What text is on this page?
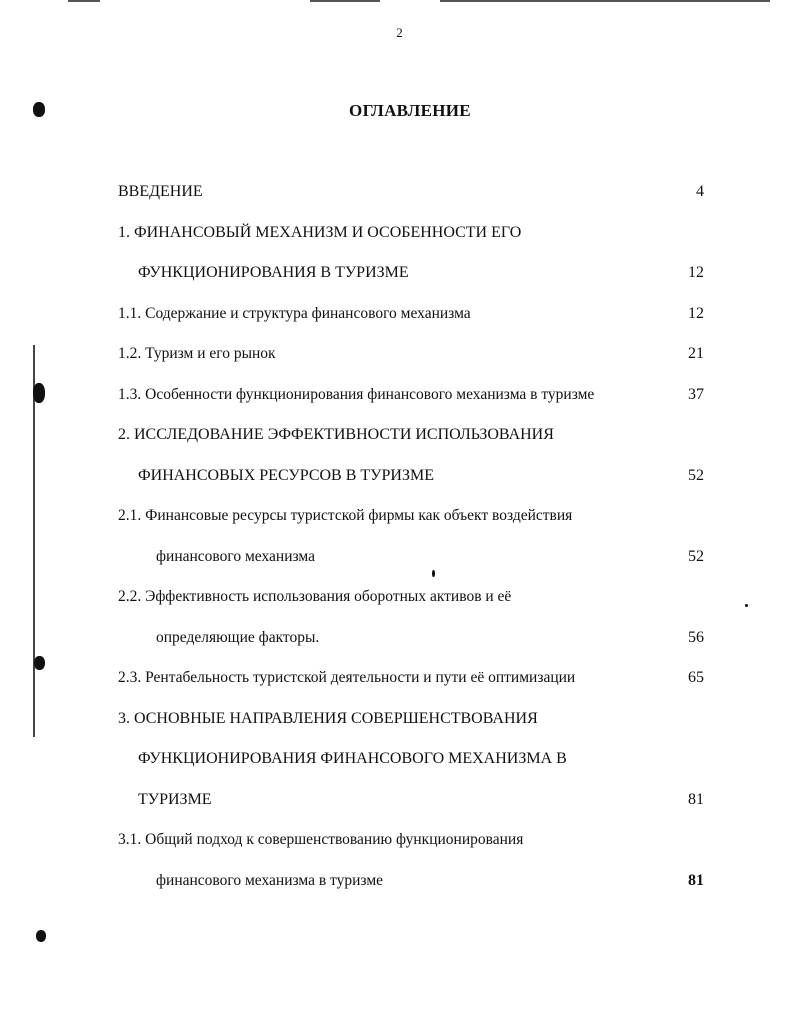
2
ОГЛАВЛЕНИЕ
ВВЕДЕНИЕ	4
1. ФИНАНСОВЫЙ МЕХАНИЗМ И ОСОБЕННОСТИ ЕГО
ФУНКЦИОНИРОВАНИЯ В ТУРИЗМЕ	12
1.1. Содержание и структура финансового механизма	12
1.2. Туризм и его рынок	21
1.3. Особенности функционирования финансового механизма в туризме	37
2. ИССЛЕДОВАНИЕ ЭФФЕКТИВНОСТИ ИСПОЛЬЗОВАНИЯ
ФИНАНСОВЫХ РЕСУРСОВ В ТУРИЗМЕ	52
2.1. Финансовые ресурсы туристской фирмы как объект воздействия
финансового механизма	52
2.2. Эффективность использования оборотных активов и её
определяющие факторы.	56
2.3. Рентабельность туристской деятельности и пути её оптимизации	65
3. ОСНОВНЫЕ НАПРАВЛЕНИЯ СОВЕРШЕНСТВОВАНИЯ
ФУНКЦИОНИРОВАНИЯ ФИНАНСОВОГО МЕХАНИЗМА В
ТУРИЗМЕ	81
3.1. Общий подход к совершенствованию функционирования
финансового механизма в туризме	81
